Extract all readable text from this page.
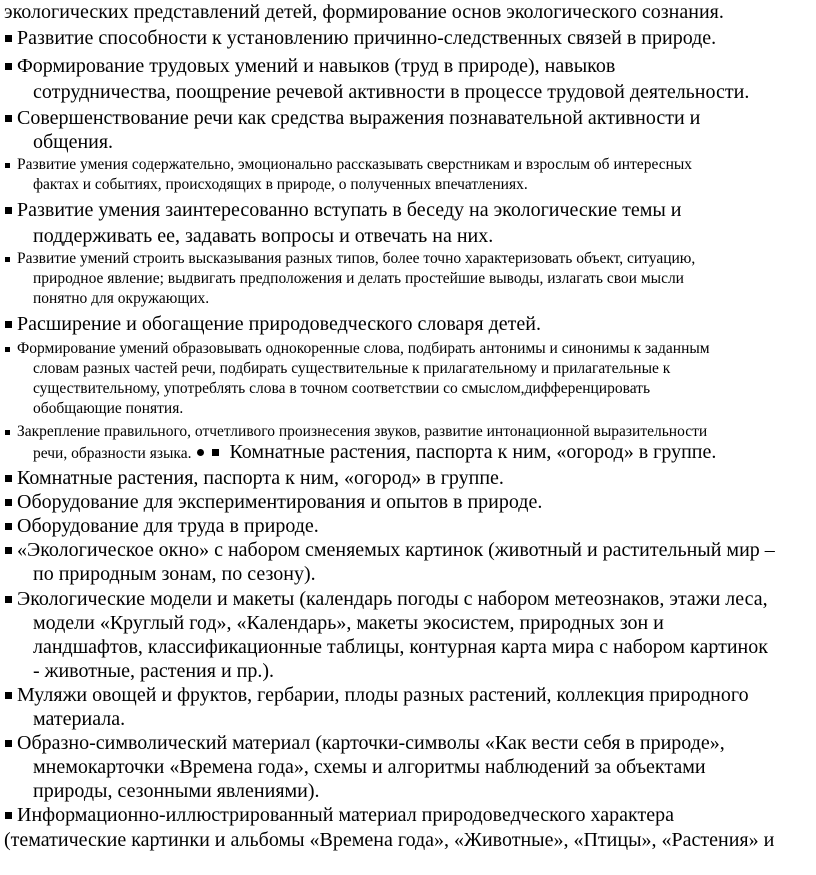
экологических представлений детей, формирование основ экологического сознания.
Развитие способности к установлению причинно-следственных связей в природе.
Формирование трудовых умений и навыков (труд в природе), навыков
сотрудничества, поощрение речевой активности в процессе трудовой деятельности.
Совершенствование речи как средства выражения познавательной активности и
общения.
Развитие умения содержательно, эмоционально рассказывать сверстникам и взрослым об интересных
фактах и событиях, происходящих в природе, о полученных впечатлениях.
Развитие умения заинтересованно вступать в беседу на экологические темы и
поддерживать ее, задавать вопросы и отвечать на них.
Развитие умений строить высказывания разных типов, более точно характеризовать объект, ситуацию,
природное явление; выдвигать предположения и делать простейшие выводы, излагать свои мысли
понятно для окружающих.
Расширение и обогащение природоведческого словаря детей.
Формирование умений образовывать однокоренные слова, подбирать антонимы и синонимы к заданным
словам разных частей речи, подбирать существительные к прилагательному и прилагательные к
существительному, употреблять слова в точном соответствии со смыслом,дифференцировать
обобщающие понятия.
Закрепление правильного, отчетливого произнесения звуков, развитие интонационной выразительности
речи, образности языка. Комнатные растения, паспорта к ним, «огород» в группе.
Комнатные растения, паспорта к ним, «огород» в группе.
Оборудование для экспериментирования и опытов в природе.
Оборудование для труда в природе.
«Экологическое окно» с набором сменяемых картинок (животный и растительный мир –
по природным зонам, по сезону).
Экологические модели и макеты (календарь погоды с набором метеознаков, этажи леса,
модели «Круглый год», «Календарь», макеты экосистем, природных зон и
ландшафтов, классификационные таблицы, контурная карта мира с набором картинок
- животные, растения и пр.).
Муляжи овощей и фруктов, гербарии, плоды разных растений, коллекция природного
материала.
Образно-символический материал (карточки-символы «Как вести себя в природе»,
мнемокарточки «Времена года», схемы и алгоритмы наблюдений за объектами
природы, сезонными явлениями).
Информационно-иллюстрированный материал природоведческого характера
(тематические картинки и альбомы «Времена года», «Животные», «Птицы», «Растения» и
